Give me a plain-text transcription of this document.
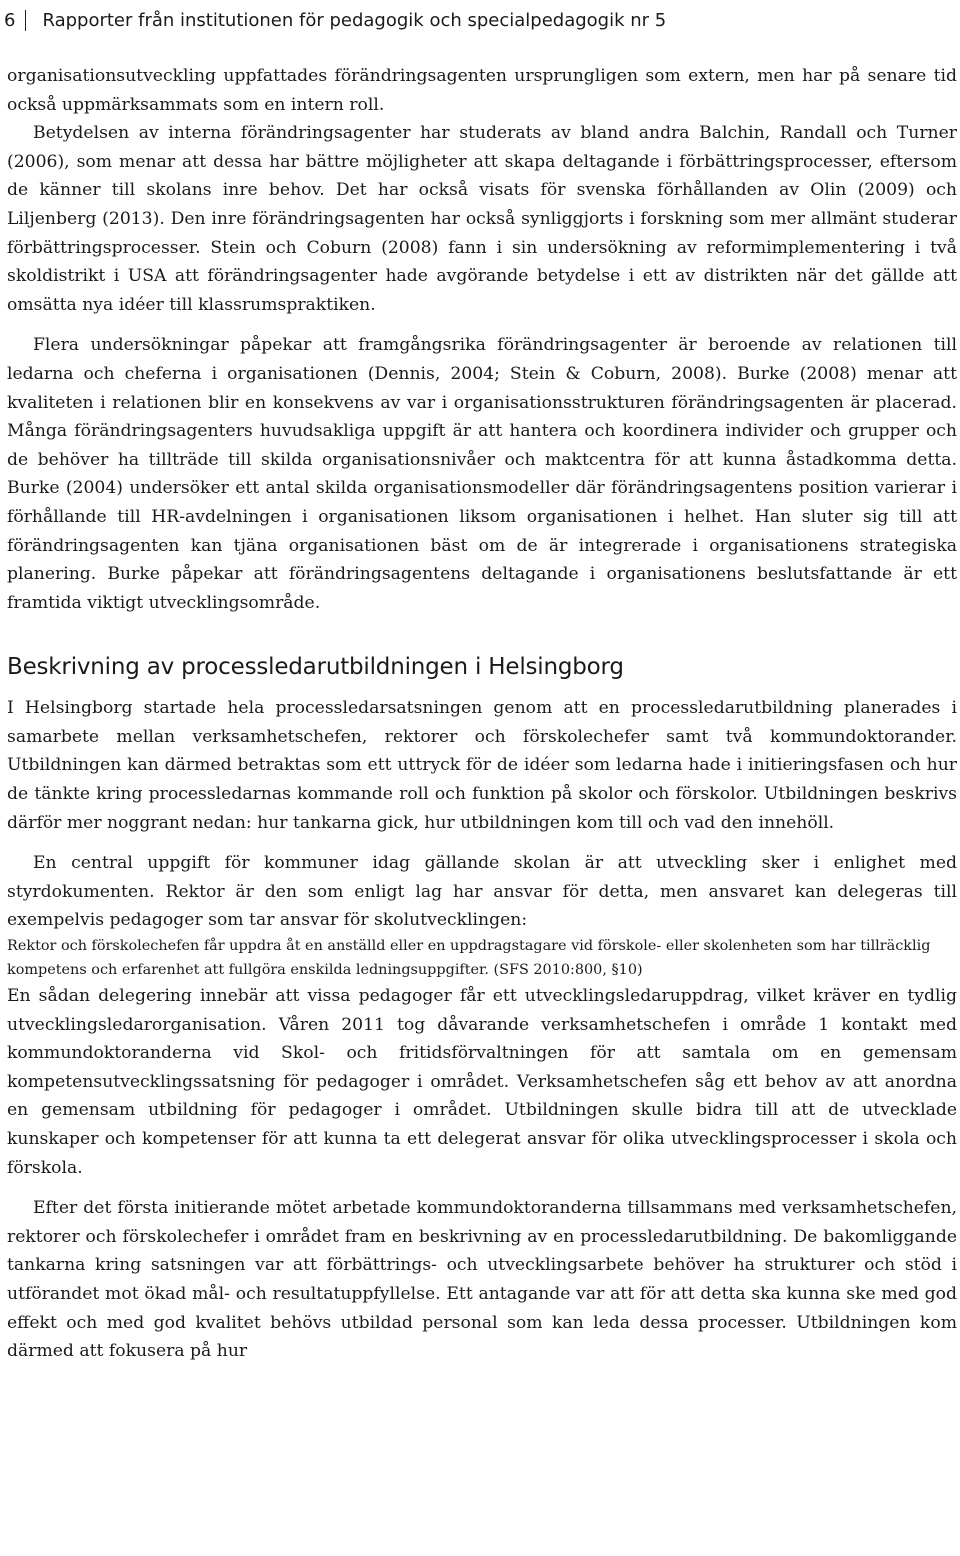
6	Rapporter från institutionen för pedagogik och specialpedagogik nr 5

organisationsutveckling uppfattades förändringsagenten ursprungligen som extern, men har på senare tid också uppmärksammats som en intern roll.

Betydelsen av interna förändringsagenter har studerats av bland andra Balchin, Randall och Turner (2006), som menar att dessa har bättre möjligheter att skapa deltagande i förbättringsprocesser, eftersom de känner till skolans inre behov. Det har också visats för svenska förhållanden av Olin (2009) och Liljenberg (2013). Den inre förändringsagenten har också synliggjorts i forskning som mer allmänt studerar förbättringsprocesser. Stein och Coburn (2008) fann i sin undersökning av reformimplementering i två skoldistrikt i USA att förändringsagenter hade avgörande betydelse i ett av distrikten när det gällde att omsätta nya idéer till klassrumspraktiken.

Flera undersökningar påpekar att framgångsrika förändringsagenter är beroende av relationen till ledarna och cheferna i organisationen (Dennis, 2004; Stein & Coburn, 2008). Burke (2008) menar att kvaliteten i relationen blir en konsekvens av var i organisationsstrukturen förändringsagenten är placerad. Många förändringsagenters huvudsakliga uppgift är att hantera och koordinera individer och grupper och de behöver ha tillträde till skilda organisationsnivåer och maktcentra för att kunna åstadkomma detta. Burke (2004) undersöker ett antal skilda organisationsmodeller där förändringsagentens position varierar i förhållande till HR-avdelningen i organisationen liksom organisationen i helhet. Han sluter sig till att förändringsagenten kan tjäna organisationen bäst om de är integrerade i organisationens strategiska planering. Burke påpekar att förändringsagentens deltagande i organisationens beslutsfattande är ett framtida viktigt utvecklingsområde.

Beskrivning av processledarutbildningen i Helsingborg

I Helsingborg startade hela processledarsatsningen genom att en processledarutbildning planerades i samarbete mellan verksamhetschefen, rektorer och förskolechefer samt två kommundoktorander. Utbildningen kan därmed betraktas som ett uttryck för de idéer som ledarna hade i initieringsfasen och hur de tänkte kring processledarnas kommande roll och funktion på skolor och förskolor. Utbildningen beskrivs därför mer noggrant nedan: hur tankarna gick, hur utbildningen kom till och vad den innehöll.

En central uppgift för kommuner idag gällande skolan är att utveckling sker i enlighet med styrdokumenten. Rektor är den som enligt lag har ansvar för detta, men ansvaret kan delegeras till exempelvis pedagoger som tar ansvar för skolutvecklingen:

Rektor och förskolechefen får uppdra åt en anställd eller en uppdragstagare vid förskole- eller skolenheten som har tillräcklig kompetens och erfarenhet att fullgöra enskilda ledningsuppgifter. (SFS 2010:800, §10)

En sådan delegering innebär att vissa pedagoger får ett utvecklingsledaruppdrag, vilket kräver en tydlig utvecklingsledarorganisation. Våren 2011 tog dåvarande verksamhetschefen i område 1 kontakt med kommundoktoranderna vid Skol- och fritidsförvaltningen för att samtala om en gemensam kompetensutvecklingssatsning för pedagoger i området. Verksamhetschefen såg ett behov av att anordna en gemensam utbildning för pedagoger i området. Utbildningen skulle bidra till att de utvecklade kunskaper och kompetenser för att kunna ta ett delegerat ansvar för olika utvecklingsprocesser i skola och förskola.

Efter det första initierande mötet arbetade kommundoktoranderna tillsammans med verksamhetschefen, rektorer och förskolechefer i området fram en beskrivning av en processledarutbildning. De bakomliggande tankarna kring satsningen var att förbättrings- och utvecklingsarbete behöver ha strukturer och stöd i utförandet mot ökad mål- och resultatuppfyllelse. Ett antagande var att för att detta ska kunna ske med god effekt och med god kvalitet behövs utbildad personal som kan leda dessa processer. Utbildningen kom därmed att fokusera på hur
